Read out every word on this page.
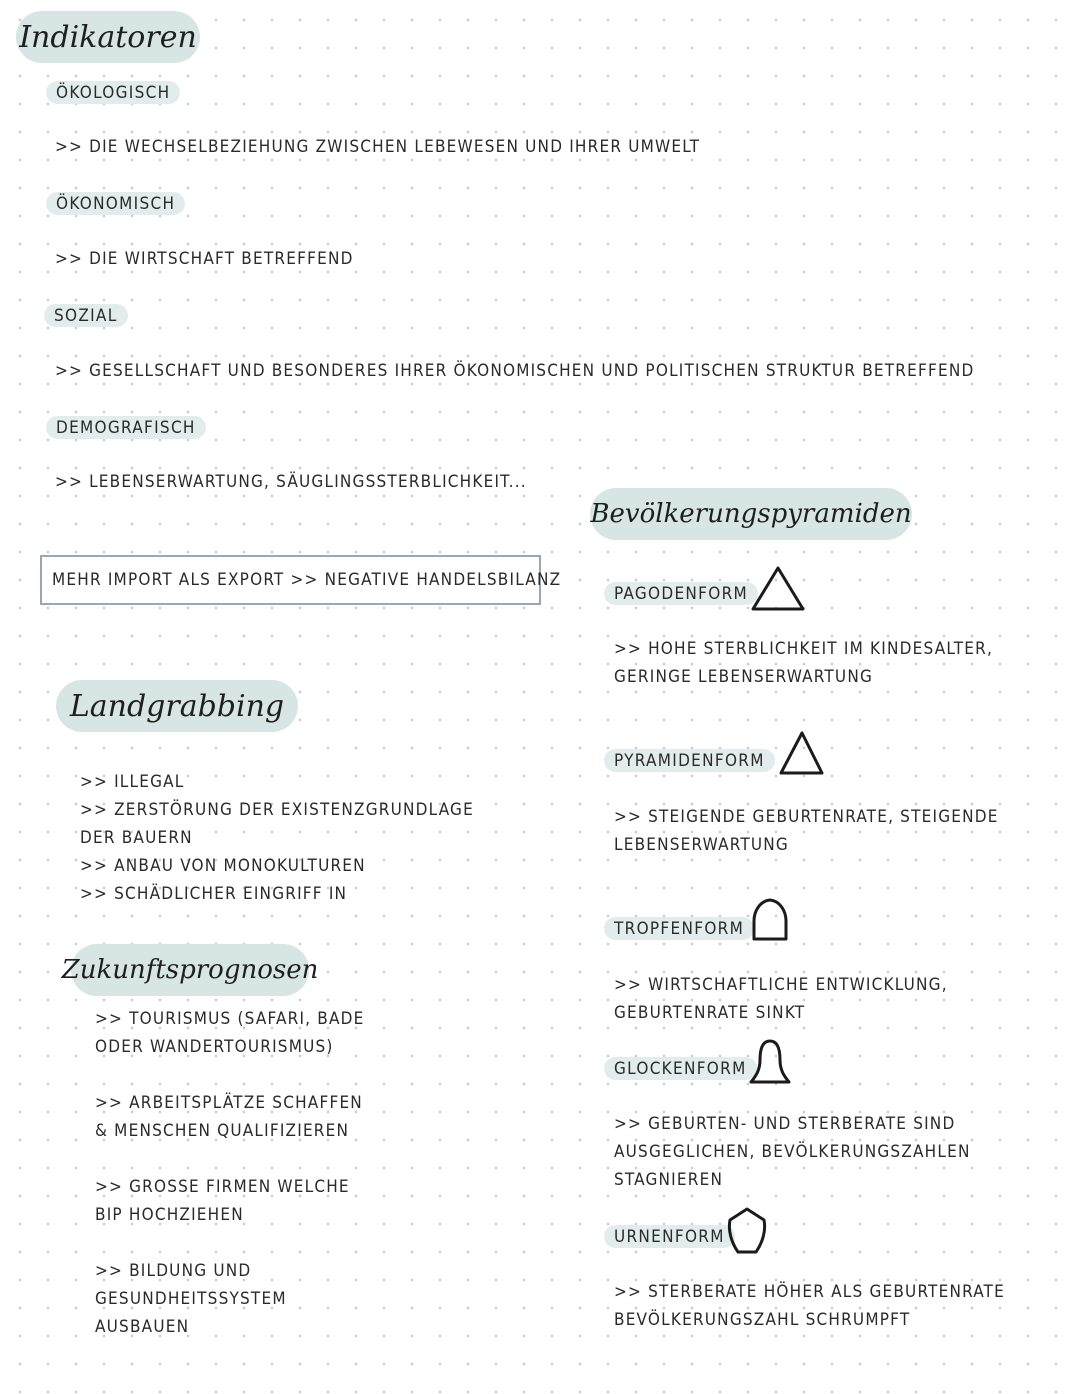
Indikatoren
ÖKOLOGISCH
>> DIE WECHSELBEZIEHUNG ZWISCHEN LEBEWESEN UND IHRER UMWELT
ÖKONOMISCH
>> DIE WIRTSCHAFT BETREFFEND
SOZIAL
>> GESELLSCHAFT UND BESONDERES IHRER ÖKONOMISCHEN UND POLITISCHEN STRUKTUR BETREFFEND
DEMOGRAFISCH
>> LEBENSERWARTUNG, SÄUGLINGSSTERBLICHKEIT...
MEHR IMPORT ALS EXPORT >> NEGATIVE HANDELSBILANZ
Landgrabbing
>> ILLEGAL
>> ZERSTÖRUNG DER EXISTENZGRUNDLAGE
DER BAUERN
>> ANBAU VON MONOKULTUREN
>> SCHÄDLICHER EINGRIFF IN
Zukunftsprognosen
>> TOURISMUS (SAFARI, BADE
ODER WANDERTOURISMUS)
>> ARBEITSPLÄTZE SCHAFFEN
& MENSCHEN QUALIFIZIEREN
>> GROSSE FIRMEN WELCHE
BIP HOCHZIEHEN
>> BILDUNG UND
GESUNDHEITSSYSTEM
AUSBAUEN
Bevölkerungspyramiden
PAGODENFORM
>> HOHE STERBLICHKEIT IM KINDESALTER,
GERINGE LEBENSERWARTUNG
PYRAMIDENFORM
>> STEIGENDE GEBURTENRATE, STEIGENDE
LEBENSERWARTUNG
TROPFENFORM
>> WIRTSCHAFTLICHE ENTWICKLUNG,
GEBURTENRATE SINKT
GLOCKENFORM
>> GEBURTEN- UND STERBERATE SIND
AUSGEGLICHEN, BEVÖLKERUNGSZAHLEN
STAGNIEREN
URNENFORM
>> STERBERATE HÖHER ALS GEBURTENRATE
BEVÖLKERUNGSZAHL SCHRUMPFT
